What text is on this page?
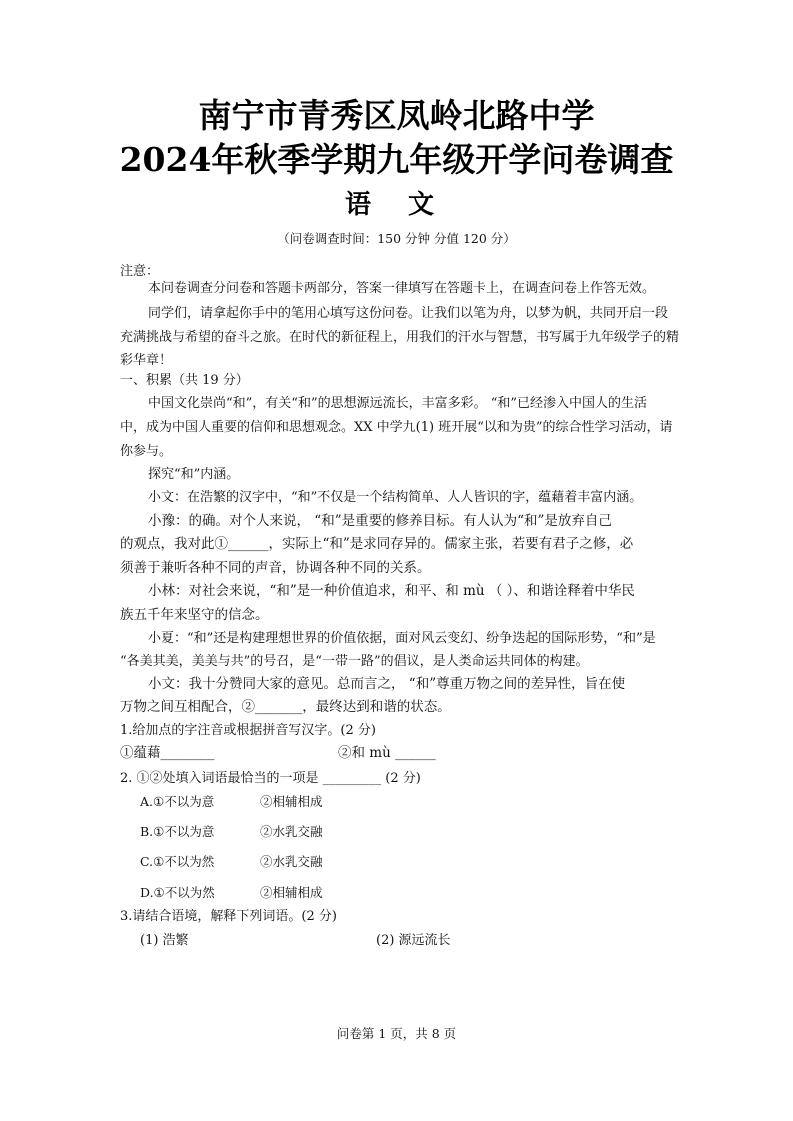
南宁市青秀区凤岭北路中学
2024年秋季学期九年级开学问卷调查
语 文
（问卷调查时间：150 分钟 分值 120 分）
注意：
本问卷调查分问卷和答题卡两部分，答案一律填写在答题卡上，在调查问卷上作答无效。
同学们，请拿起你手中的笔用心填写这份问卷。让我们以笔为舟，以梦为帆，共同开启一段
充满挑战与希望的奋斗之旅。在时代的新征程上，用我们的汗水与智慧，书写属于九年级学子的精
彩华章！
一、积累（共 19 分）
中国文化崇尚“和”，有关“和”的思想源远流长，丰富多彩。 “和”已经渗入中国人的生活
中，成为中国人重要的信仰和思想观念。XX 中学九(1) 班开展“以和为贵”的综合性学习活动，请
你参与。
探究“和”内涵。
小文：在浩繁的汉字中，“和”不仅是一个结构简单、人人皆识的字，蕴藉着丰富内涵。
小豫：的确。对个人来说， “和”是重要的修养目标。有人认为“和”是放弃自己
的观点，我对此①______，实际上“和”是求同存异的。儒家主张，若要有君子之修，必
须善于兼听各种不同的声音，协调各种不同的关系。
小林：对社会来说，“和”是一种价值追求，和平、和 mù （ ）、和谐诠释着中华民
族五千年来坚守的信念。
小夏：“和”还是构建理想世界的价值依据，面对风云变幻、纷争迭起的国际形势，“和”是
“各美其美，美美与共”的号召，是“一带一路”的倡议，是人类命运共同体的构建。
小文：我十分赞同大家的意见。总而言之， “和”尊重万物之间的差异性，旨在使
万物之间互相配合，②_______，最终达到和谐的状态。
1.给加点的字注音或根据拼音写汉字。(2 分)
①蕴藉________	②和 mù ______
2. ①②处填入词语最恰当的一项是 _________ (2 分)
A.①不以为意	②相辅相成
B.①不以为意	②水乳交融
C.①不以为然	②水乳交融
D.①不以为然	②相辅相成
3.请结合语境，解释下列词语。(2 分)
(1) 浩繁	(2) 源远流长
问卷第 1 页，共 8 页
